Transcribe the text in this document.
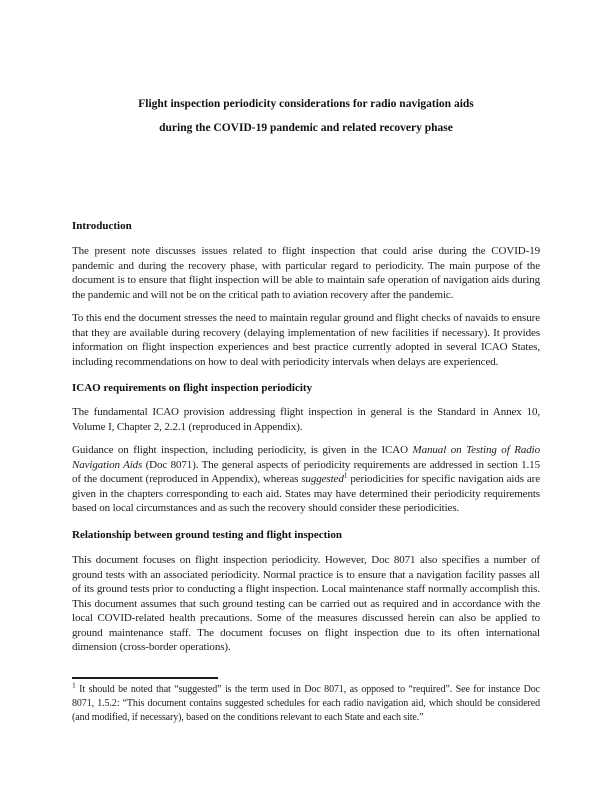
Flight inspection periodicity considerations for radio navigation aids
during the COVID-19 pandemic and related recovery phase
Introduction

The present note discusses issues related to flight inspection that could arise during the COVID-19 pandemic and during the recovery phase, with particular regard to periodicity. The main purpose of the document is to ensure that flight inspection will be able to maintain safe operation of navigation aids during the pandemic and will not be on the critical path to aviation recovery after the pandemic.

To this end the document stresses the need to maintain regular ground and flight checks of navaids to ensure that they are available during recovery (delaying implementation of new facilities if necessary). It provides information on flight inspection experiences and best practice currently adopted in several ICAO States, including recommendations on how to deal with periodicity intervals when delays are experienced.

ICAO requirements on flight inspection periodicity

The fundamental ICAO provision addressing flight inspection in general is the Standard in Annex 10, Volume I, Chapter 2, 2.2.1 (reproduced in Appendix).

Guidance on flight inspection, including periodicity, is given in the ICAO Manual on Testing of Radio Navigation Aids (Doc 8071). The general aspects of periodicity requirements are addressed in section 1.15 of the document (reproduced in Appendix), whereas suggested$^1$ periodicities for specific navigation aids are given in the chapters corresponding to each aid. States may have determined their periodicity requirements based on local circumstances and as such the recovery should consider these periodicities.

Relationship between ground testing and flight inspection

This document focuses on flight inspection periodicity. However, Doc 8071 also specifies a number of ground tests with an associated periodicity. Normal practice is to ensure that a navigation facility passes all of its ground tests prior to conducting a flight inspection. Local maintenance staff normally accomplish this. This document assumes that such ground testing can be carried out as required and in accordance with the local COVID-related health precautions. Some of the measures discussed herein can also be applied to ground maintenance staff. The document focuses on flight inspection due to its often international dimension (cross-border operations).

$^1$ It should be noted that “suggested” is the term used in Doc 8071, as opposed to “required”. See for instance Doc 8071, 1.5.2: “This document contains suggested schedules for each radio navigation aid, which should be considered (and modified, if necessary), based on the conditions relevant to each State and each site.”
